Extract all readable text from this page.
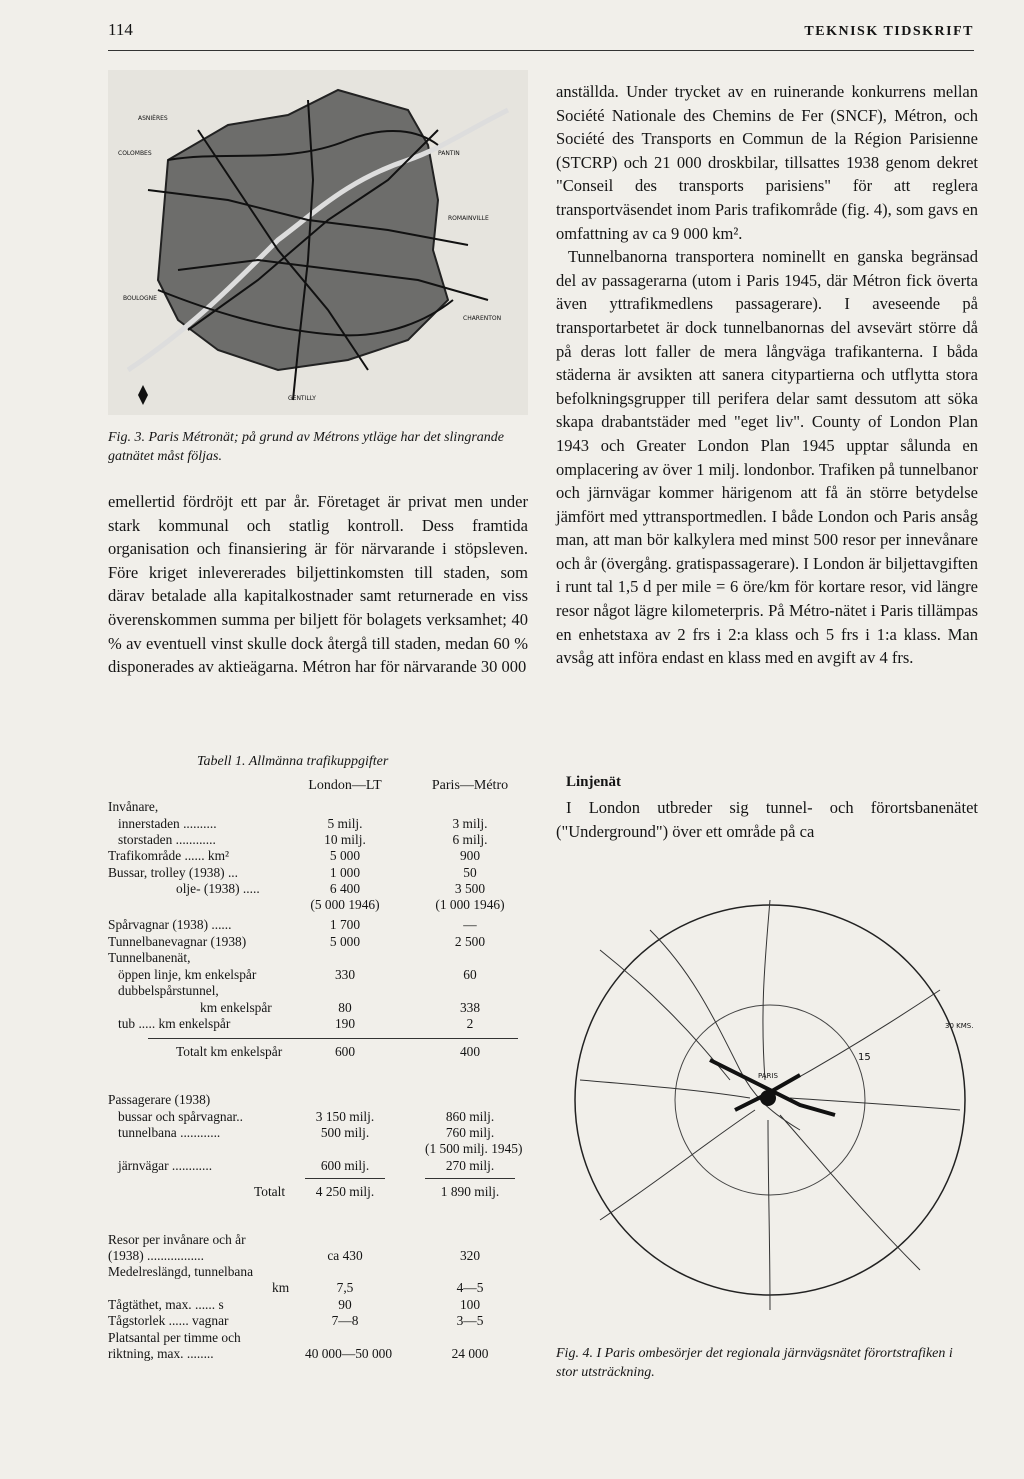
114	TEKNISK TIDSKRIFT
ASNIÈRES
COLOMBES	PANTIN
ROMAINVILLE
CHARENTON
BOULOGNE
GENTILLY
Fig. 3. Paris Métronät; på grund av Métrons ytläge har det slingrande gatnätet måst följas.

emellertid fördröjt ett par år. Företaget är privat men under stark kommunal och statlig kontroll. Dess framtida organisation och finansiering är för närvarande i stöpsleven. Före kriget inlevererades biljettinkomsten till staden, som därav betalade alla kapitalkostnader samt returnerade en viss överenskommen summa per biljett för bolagets verksamhet; 40 % av eventuell vinst skulle dock återgå till staden, medan 60 % disponerades av aktieägarna. Métron har för närvarande 30 000

anställda. Under trycket av en ruinerande konkurrens mellan Société Nationale des Chemins de Fer (SNCF), Métron, och Société des Transports en Commun de la Région Parisienne (STCRP) och 21 000 droskbilar, tillsattes 1938 genom dekret "Conseil des transports parisiens" för att reglera transportväsendet inom Paris trafikområde (fig. 4), som gavs en omfattning av ca 9 000 km².

Tunnelbanorna transportera nominellt en ganska begränsad del av passagerarna (utom i Paris 1945, där Métron fick överta även yttrafikmedlens passagerare). I aveseende på transportarbetet är dock tunnelbanornas del avsevärt större då på deras lott faller de mera långväga trafikanterna. I båda städerna är avsikten att sanera citypartierna och utflytta stora befolkningsgrupper till perifera delar samt dessutom att söka skapa drabantstäder med "eget liv". County of London Plan 1943 och Greater London Plan 1945 upptar sålunda en omplacering av över 1 milj. londonbor. Trafiken på tunnelbanor och järnvägar kommer härigenom att få än större betydelse jämfört med yttransportmedlen. I både London och Paris ansåg man, att man bör kalkylera med minst 500 resor per innevånare och år (övergång. gratispassagerare). I London är biljettavgiften i runt tal 1,5 d per mile = 6 öre/km för kortare resor, vid längre resor något lägre kilometerpris. På Métro-nätet i Paris tillämpas en enhetstaxa av 2 frs i 2:a klass och 5 frs i 1:a klass. Man avsåg att införa endast en klass med en avgift av 4 frs.

Linjenät
I London utbreder sig tunnel- och förortsbanenätet ("Underground") över ett område på ca
Tabell 1. Allmänna trafikuppgifter
London—LT	Paris—Métro
Invånare,
innerstaden ..........	5 milj.	3 milj.
storstaden ............	10 milj.	6 milj.
Trafikområde ...... km²	5 000	900
Bussar, trolley (1938) ...	1 000	50
olje- (1938) .....	6 400	3 500
(5 000 1946)	(1 000 1946)
Spårvagnar (1938) ......	1 700	—
Tunnelbanevagnar (1938)	5 000	2 500
Tunnelbanenät,
öppen linje, km enkelspår	330	60
dubbelspårstunnel,
km enkelspår	80	338
tub ..... km enkelspår	190	2
Totalt km enkelspår	600	400
Passagerare (1938)
bussar och spårvagnar..	3 150 milj.	860 milj.
tunnelbana ............	500 milj.	760 milj.
(1 500 milj. 1945)
järnvägar ............	600 milj.	270 milj.
Totalt	4 250 milj.	1 890 milj.
Resor per invånare och år
(1938) .................	ca 430	320
Medelreslängd, tunnelbana
km	7,5	4—5
Tågtäthet, max. ...... s	90	100
Tågstorlek ...... vagnar	7—8	3—5
Platsantal per timme och
riktning, max. ........	40 000—50 000	24 000
PARIS
30 KMS.
15
Fig. 4. I Paris ombesörjer det regionala järnvägsnätet förortstrafiken i stor utsträckning.
